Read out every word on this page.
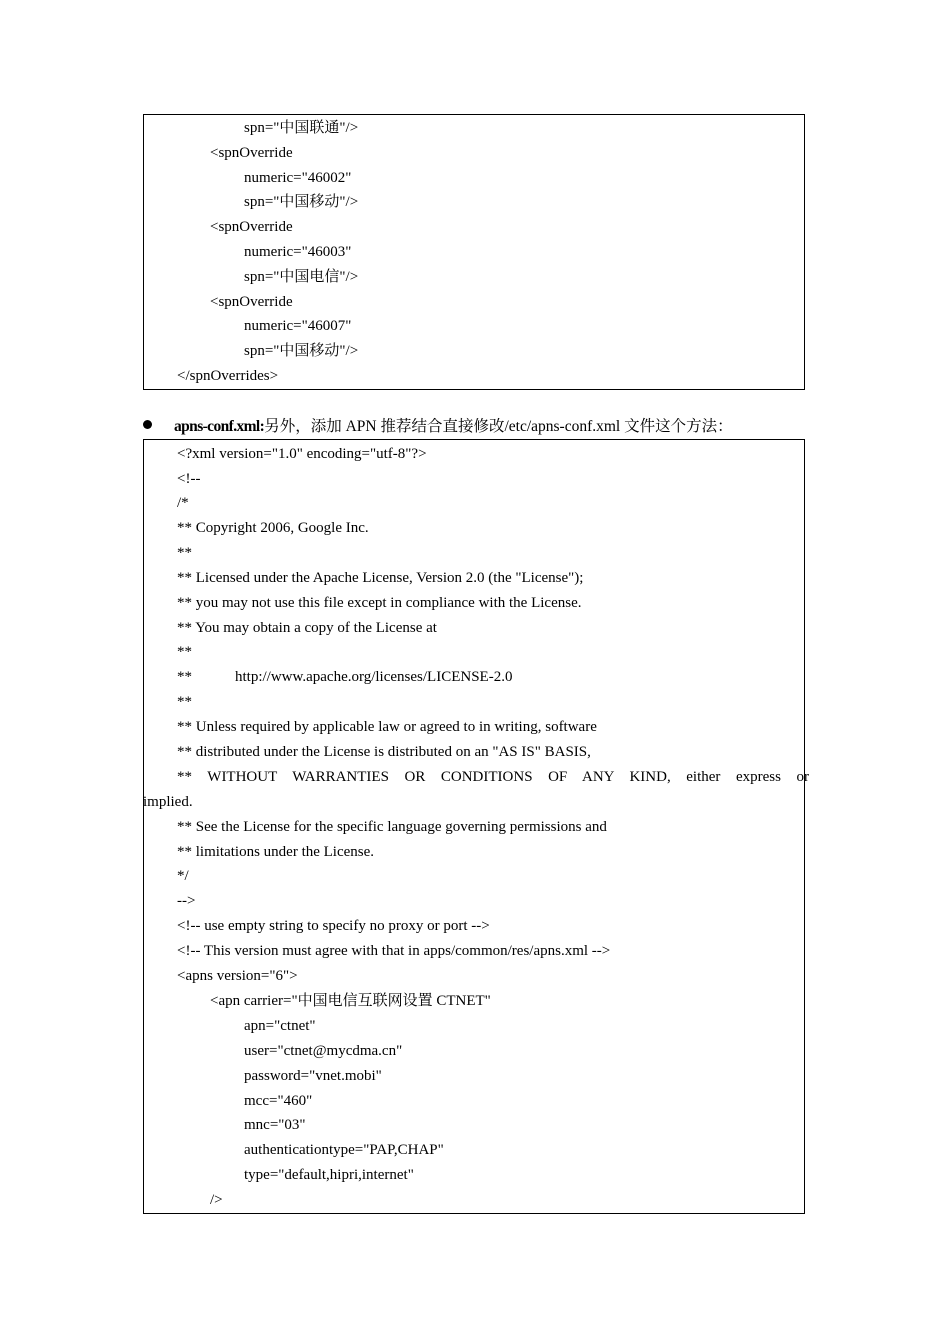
spn="中国联通"/>
<spnOverride
numeric="46002"
spn="中国移动"/>
<spnOverride
numeric="46003"
spn="中国电信"/>
<spnOverride
numeric="46007"
spn="中国移动"/>
</spnOverrides>
apns-conf.xml:另外，添加 APN 推荐结合直接修改/etc/apns-conf.xml 文件这个方法：
<?xml version="1.0" encoding="utf-8"?>
<!--
/*
** Copyright 2006, Google Inc.
**
** Licensed under the Apache License, Version 2.0 (the "License");
** you may not use this file except in compliance with the License.
** You may obtain a copy of the License at
**
**	http://www.apache.org/licenses/LICENSE-2.0
**
** Unless required by applicable law or agreed to in writing, software
** distributed under the License is distributed on an "AS IS" BASIS,
** WITHOUT WARRANTIES OR CONDITIONS OF ANY KIND, either express or
implied.
** See the License for the specific language governing permissions and
** limitations under the License.
*/
-->
<!-- use empty string to specify no proxy or port -->
<!-- This version must agree with that in apps/common/res/apns.xml -->
<apns version="6">
<apn carrier="中国电信互联网设置 CTNET"
apn="ctnet"
user="ctnet@mycdma.cn"
password="vnet.mobi"
mcc="460"
mnc="03"
authenticationtype="PAP,CHAP"
type="default,hipri,internet"
/>
